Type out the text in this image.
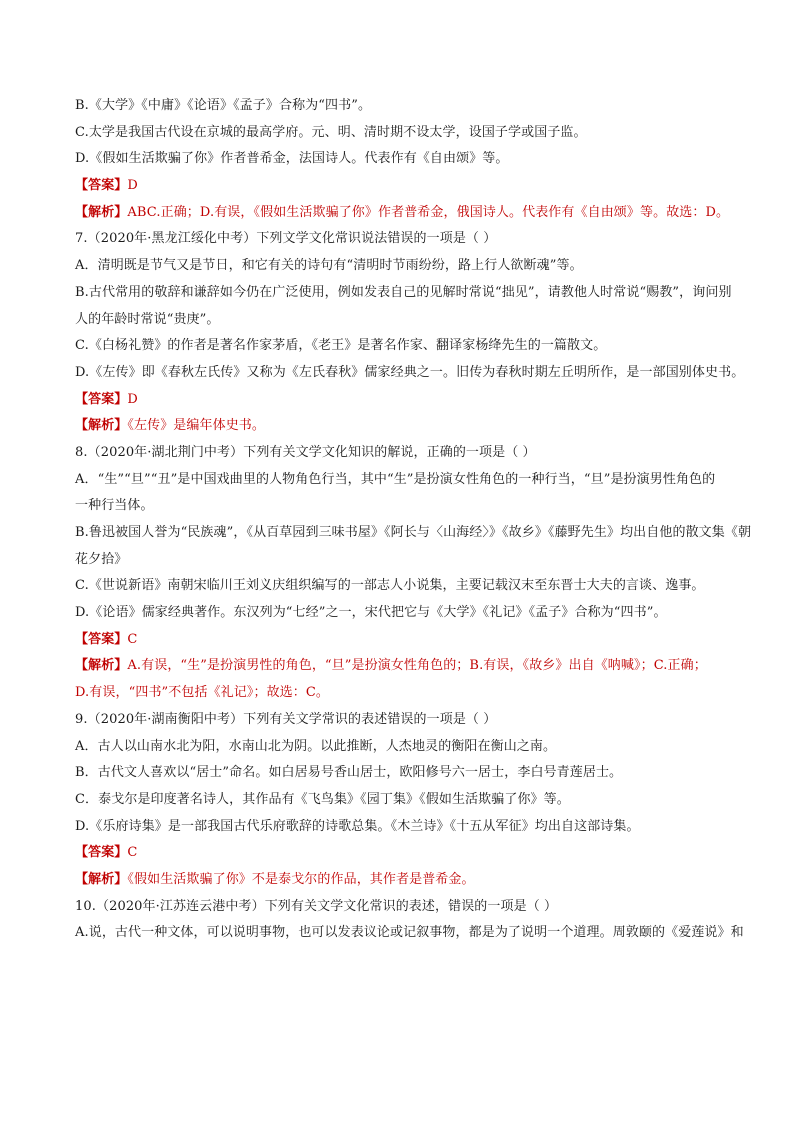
B.《大学》《中庸》《论语》《孟子》合称为“四书”。
C.太学是我国古代设在京城的最高学府。元、明、清时期不设太学，设国子学或国子监。
D.《假如生活欺骗了你》作者普希金，法国诗人。代表作有《自由颂》等。
【答案】D
【解析】ABC.正确；D.有误，《假如生活欺骗了你》作者普希金，俄国诗人。代表作有《自由颂》等。故选：D。
7.（2020年·黑龙江绥化中考）下列文学文化常识说法错误的一项是（ ）
A．清明既是节气又是节日，和它有关的诗句有“清明时节雨纷纷，路上行人欲断魂”等。
B.古代常用的敬辞和谦辞如今仍在广泛使用，例如发表自己的见解时常说“拙见”，请教他人时常说“赐教”，询问别
人的年龄时常说“贵庚”。
C.《白杨礼赞》的作者是著名作家茅盾，《老王》是著名作家、翻译家杨绛先生的一篇散文。
D.《左传》即《春秋左氏传》又称为《左氏春秋》儒家经典之一。旧传为春秋时期左丘明所作，是一部国别体史书。
【答案】D
【解析】《左传》是编年体史书。
8.（2020年·湖北荆门中考）下列有关文学文化知识的解说，正确的一项是（ ）
A．“生”“旦”“丑”是中国戏曲里的人物角色行当，其中“生”是扮演女性角色的一种行当，“旦”是扮演男性角色的
一种行当体。
B.鲁迅被国人誉为“民族魂”，《从百草园到三味书屋》《阿长与〈山海经〉》《故乡》《藤野先生》均出自他的散文集《朝
花夕拾》
C.《世说新语》南朝宋临川王刘义庆组织编写的一部志人小说集，主要记载汉末至东晋士大夫的言谈、逸事。
D.《论语》儒家经典著作。东汉列为“七经”之一，宋代把它与《大学》《礼记》《孟子》合称为“四书”。
【答案】C
【解析】A.有误，“生”是扮演男性的角色，“旦”是扮演女性角色的；B.有误，《故乡》出自《呐喊》；C.正确；
D.有误，“四书”不包括《礼记》；故选：C。
9.（2020年·湖南衡阳中考）下列有关文学常识的表述错误的一项是（ ）
A．古人以山南水北为阳，水南山北为阴。以此推断，人杰地灵的衡阳在衡山之南。
B．古代文人喜欢以“居士”命名。如白居易号香山居士，欧阳修号六一居士，李白号青莲居士。
C．泰戈尔是印度著名诗人，其作品有《飞鸟集》《园丁集》《假如生活欺骗了你》等。
D.《乐府诗集》是一部我国古代乐府歌辞的诗歌总集。《木兰诗》《十五从军征》均出自这部诗集。
【答案】C
【解析】《假如生活欺骗了你》不是泰戈尔的作品，其作者是普希金。
10.（2020年·江苏连云港中考）下列有关文学文化常识的表述，错误的一项是（ ）
A.说，古代一种文体，可以说明事物，也可以发表议论或记叙事物，都是为了说明一个道理。周敦颐的《爱莲说》和
